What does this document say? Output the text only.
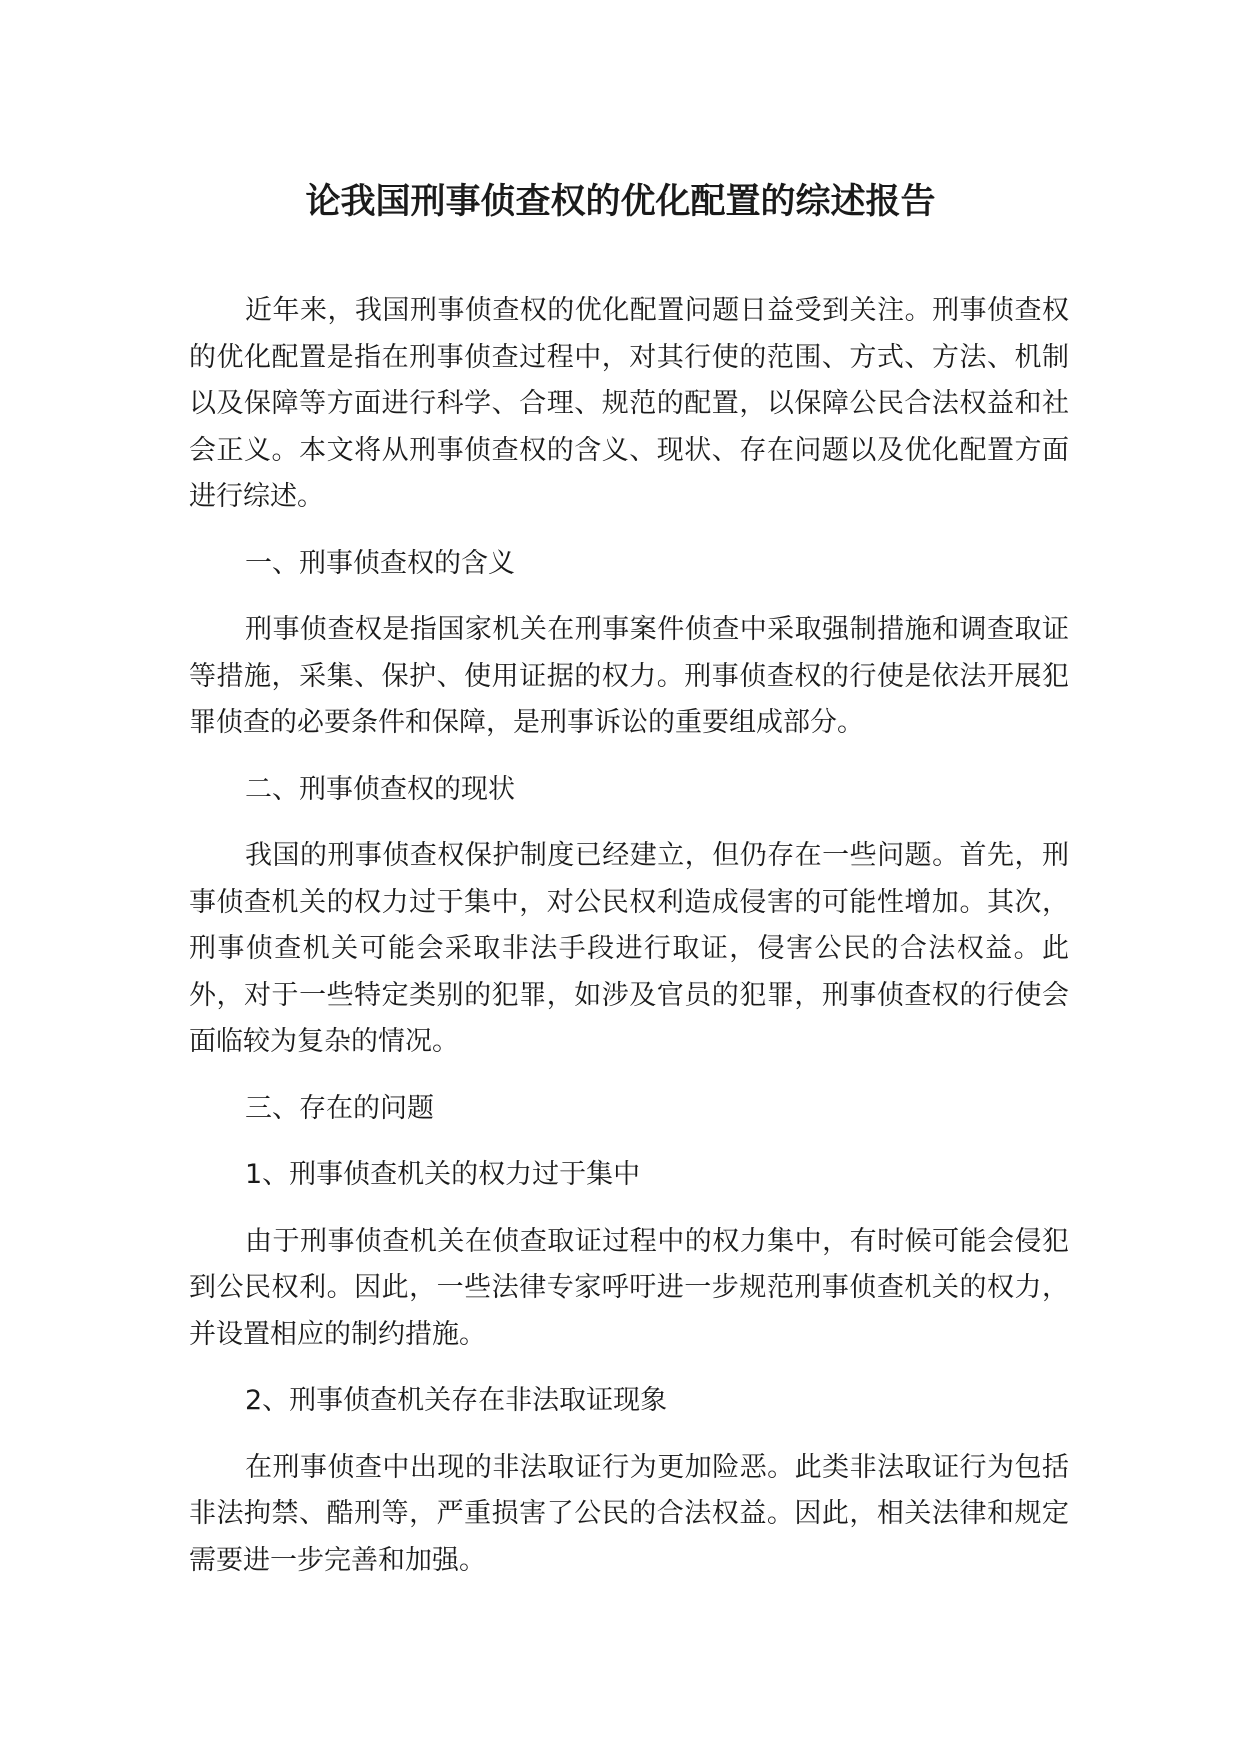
论我国刑事侦查权的优化配置的综述报告

近年来，我国刑事侦查权的优化配置问题日益受到关注。刑事侦查权的优化配置是指在刑事侦查过程中，对其行使的范围、方式、方法、机制以及保障等方面进行科学、合理、规范的配置，以保障公民合法权益和社会正义。本文将从刑事侦查权的含义、现状、存在问题以及优化配置方面进行综述。

一、刑事侦查权的含义

刑事侦查权是指国家机关在刑事案件侦查中采取强制措施和调查取证等措施，采集、保护、使用证据的权力。刑事侦查权的行使是依法开展犯罪侦查的必要条件和保障，是刑事诉讼的重要组成部分。

二、刑事侦查权的现状

我国的刑事侦查权保护制度已经建立，但仍存在一些问题。首先，刑事侦查机关的权力过于集中，对公民权利造成侵害的可能性增加。其次，刑事侦查机关可能会采取非法手段进行取证，侵害公民的合法权益。此外，对于一些特定类别的犯罪，如涉及官员的犯罪，刑事侦查权的行使会面临较为复杂的情况。

三、存在的问题

1、刑事侦查机关的权力过于集中

由于刑事侦查机关在侦查取证过程中的权力集中，有时候可能会侵犯到公民权利。因此，一些法律专家呼吁进一步规范刑事侦查机关的权力，并设置相应的制约措施。

2、刑事侦查机关存在非法取证现象

在刑事侦查中出现的非法取证行为更加险恶。此类非法取证行为包括非法拘禁、酷刑等，严重损害了公民的合法权益。因此，相关法律和规定需要进一步完善和加强。
